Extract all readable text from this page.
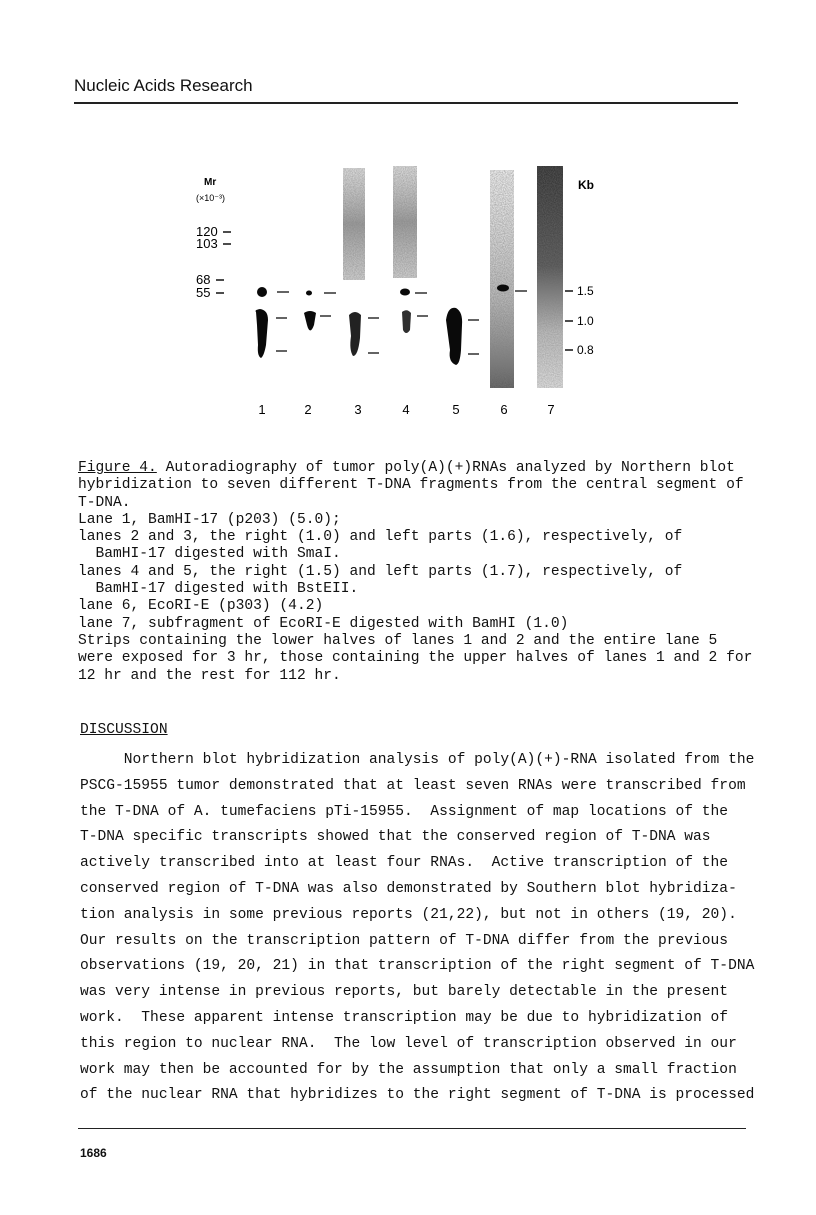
Nucleic Acids Research
Mr
(×10⁻³)
120
103
68
55
Kb
1.5
1.0
0.8
1	2	3	4	5	6	7
Figure 4. Autoradiography of tumor poly(A)(+)RNAs analyzed by Northern blot
hybridization to seven different T-DNA fragments from the central segment of
T-DNA.
Lane 1, BamHI-17 (p203) (5.0);
lanes 2 and 3, the right (1.0) and left parts (1.6), respectively, of
BamHI-17 digested with SmaI.
lanes 4 and 5, the right (1.5) and left parts (1.7), respectively, of
BamHI-17 digested with BstEII.
lane 6, EcoRI-E (p303) (4.2)
lane 7, subfragment of EcoRI-E digested with BamHI (1.0)
Strips containing the lower halves of lanes 1 and 2 and the entire lane 5
were exposed for 3 hr, those containing the upper halves of lanes 1 and 2 for
12 hr and the rest for 112 hr.
DISCUSSION
Northern blot hybridization analysis of poly(A)(+)-RNA isolated from the
PSCG-15955 tumor demonstrated that at least seven RNAs were transcribed from
the T-DNA of A. tumefaciens pTi-15955.  Assignment of map locations of the
T-DNA specific transcripts showed that the conserved region of T-DNA was
actively transcribed into at least four RNAs.  Active transcription of the
conserved region of T-DNA was also demonstrated by Southern blot hybridiza-
tion analysis in some previous reports (21,22), but not in others (19, 20).
Our results on the transcription pattern of T-DNA differ from the previous
observations (19, 20, 21) in that transcription of the right segment of T-DNA
was very intense in previous reports, but barely detectable in the present
work.  These apparent intense transcription may be due to hybridization of
this region to nuclear RNA.  The low level of transcription observed in our
work may then be accounted for by the assumption that only a small fraction
of the nuclear RNA that hybridizes to the right segment of T-DNA is processed
1686
